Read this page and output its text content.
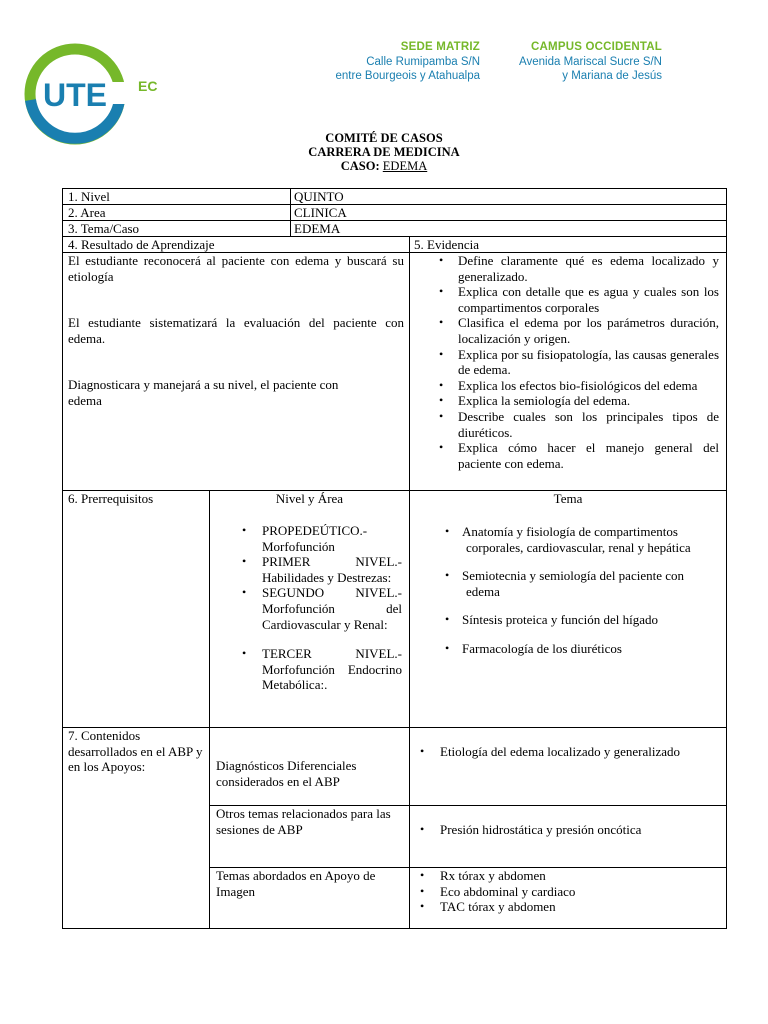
UTE EC
SEDE MATRIZ
Calle Rumipamba S/N
entre Bourgeois y Atahualpa
CAMPUS OCCIDENTAL
Avenida Mariscal Sucre S/N
y Mariana de Jesús
COMITÉ DE CASOS
CARRERA DE MEDICINA
CASO: EDEMA
1. Nivel	QUINTO
2. Area	CLINICA
3. Tema/Caso	EDEMA
4. Resultado de Aprendizaje	5. Evidencia

El estudiante reconocerá al paciente con edema y buscará su etiología

El estudiante sistematizará la evaluación del paciente con edema.

Diagnosticara y manejará a su nivel, el paciente con edema

• Define claramente qué es edema localizado y generalizado.
• Explica con detalle que es agua y cuales son los compartimentos corporales
• Clasifica el edema por los parámetros duración, localización y origen.
• Explica por su fisiopatología, las causas generales de edema.
• Explica los efectos bio-fisiológicos del edema
• Explica la semiología del edema.
• Describe cuales son los principales tipos de diuréticos.
• Explica cómo hacer el manejo general del paciente con edema.
6. Prerrequisitos	Nivel y Área	Tema
• PROPEDEÚTICO.- Morfofunción
• PRIMER NIVEL.- Habilidades y Destrezas:
• SEGUNDO NIVEL.- Morfofunción del Cardiovascular y Renal:
• TERCER NIVEL.- Morfofunción Endocrino Metabólica:.
• Anatomía y fisiología de compartimentos
corporales, cardiovascular, renal y hepática
• Semiotecnia y semiología del paciente con
edema
• Síntesis proteica y función del hígado
• Farmacología de los diuréticos
7. Contenidos desarrollados en el ABP y en los Apoyos:	Diagnósticos Diferenciales considerados en el ABP
• Etiología del edema localizado y generalizado
Otros temas relacionados para las sesiones de ABP
•	Presión hidrostática y presión oncótica
Temas abordados en Apoyo de Imagen
• Rx tórax y abdomen
• Eco abdominal y cardiaco
• TAC tórax y abdomen
